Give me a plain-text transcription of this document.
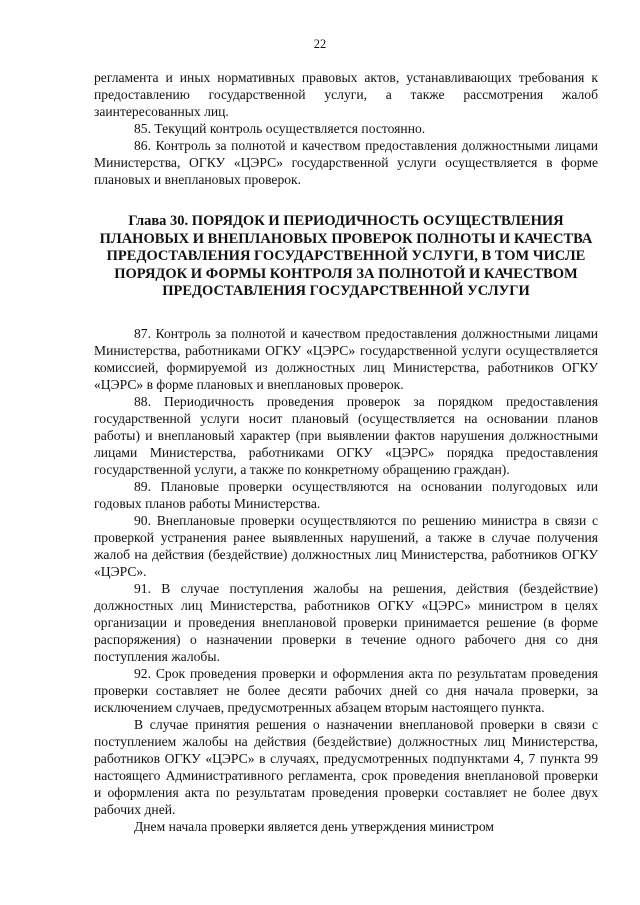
22

регламента и иных нормативных правовых актов, устанавливающих требования к предоставлению государственной услуги, а также рассмотрения жалоб заинтересованных лиц.

85. Текущий контроль осуществляется постоянно.

86. Контроль за полнотой и качеством предоставления должностными лицами Министерства, ОГКУ «ЦЭРС» государственной услуги осуществляется в форме плановых и внеплановых проверок.

Глава 30. ПОРЯДОК И ПЕРИОДИЧНОСТЬ ОСУЩЕСТВЛЕНИЯ ПЛАНОВЫХ И ВНЕПЛАНОВЫХ ПРОВЕРОК ПОЛНОТЫ И КАЧЕСТВА ПРЕДОСТАВЛЕНИЯ ГОСУДАРСТВЕННОЙ УСЛУГИ, В ТОМ ЧИСЛЕ ПОРЯДОК И ФОРМЫ КОНТРОЛЯ ЗА ПОЛНОТОЙ И КАЧЕСТВОМ ПРЕДОСТАВЛЕНИЯ ГОСУДАРСТВЕННОЙ УСЛУГИ

87. Контроль за полнотой и качеством предоставления должностными лицами Министерства, работниками ОГКУ «ЦЭРС» государственной услуги осуществляется комиссией, формируемой из должностных лиц Министерства, работников ОГКУ «ЦЭРС» в форме плановых и внеплановых проверок.

88. Периодичность проведения проверок за порядком предоставления государственной услуги носит плановый (осуществляется на основании планов работы) и внеплановый характер (при выявлении фактов нарушения должностными лицами Министерства, работниками ОГКУ «ЦЭРС» порядка предоставления государственной услуги, а также по конкретному обращению граждан).

89. Плановые проверки осуществляются на основании полугодовых или годовых планов работы Министерства.

90. Внеплановые проверки осуществляются по решению министра в связи с проверкой устранения ранее выявленных нарушений, а также в случае получения жалоб на действия (бездействие) должностных лиц Министерства, работников ОГКУ «ЦЭРС».

91. В случае поступления жалобы на решения, действия (бездействие) должностных лиц Министерства, работников ОГКУ «ЦЭРС» министром в целях организации и проведения внеплановой проверки принимается решение (в форме распоряжения) о назначении проверки в течение одного рабочего дня со дня поступления жалобы.

92. Срок проведения проверки и оформления акта по результатам проведения проверки составляет не более десяти рабочих дней со дня начала проверки, за исключением случаев, предусмотренных абзацем вторым настоящего пункта.

В случае принятия решения о назначении внеплановой проверки в связи с поступлением жалобы на действия (бездействие) должностных лиц Министерства, работников ОГКУ «ЦЭРС» в случаях, предусмотренных подпунктами 4, 7 пункта 99 настоящего Административного регламента, срок проведения внеплановой проверки и оформления акта по результатам проведения проверки составляет не более двух рабочих дней.

Днем начала проверки является день утверждения министром
